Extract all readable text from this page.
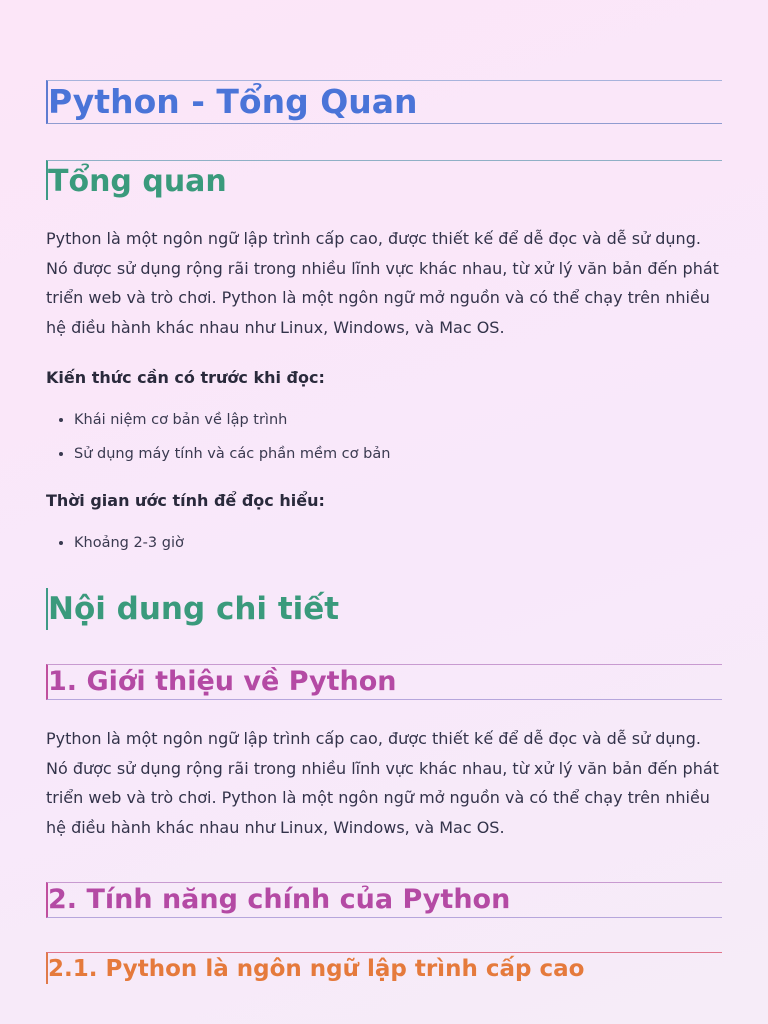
Python - Tổng Quan
Tổng quan

Python là một ngôn ngữ lập trình cấp cao, được thiết kế để dễ đọc và dễ sử dụng. Nó được sử dụng rộng rãi trong nhiều lĩnh vực khác nhau, từ xử lý văn bản đến phát triển web và trò chơi. Python là một ngôn ngữ mở nguồn và có thể chạy trên nhiều hệ điều hành khác nhau như Linux, Windows, và Mac OS.

Kiến thức cần có trước khi đọc:

• Khái niệm cơ bản về lập trình
• Sử dụng máy tính và các phần mềm cơ bản

Thời gian ước tính để đọc hiểu:

• Khoảng 2-3 giờ
Nội dung chi tiết
1. Giới thiệu về Python

Python là một ngôn ngữ lập trình cấp cao, được thiết kế để dễ đọc và dễ sử dụng. Nó được sử dụng rộng rãi trong nhiều lĩnh vực khác nhau, từ xử lý văn bản đến phát triển web và trò chơi. Python là một ngôn ngữ mở nguồn và có thể chạy trên nhiều hệ điều hành khác nhau như Linux, Windows, và Mac OS.

2. Tính năng chính của Python
2.1. Python là ngôn ngữ lập trình cấp cao
